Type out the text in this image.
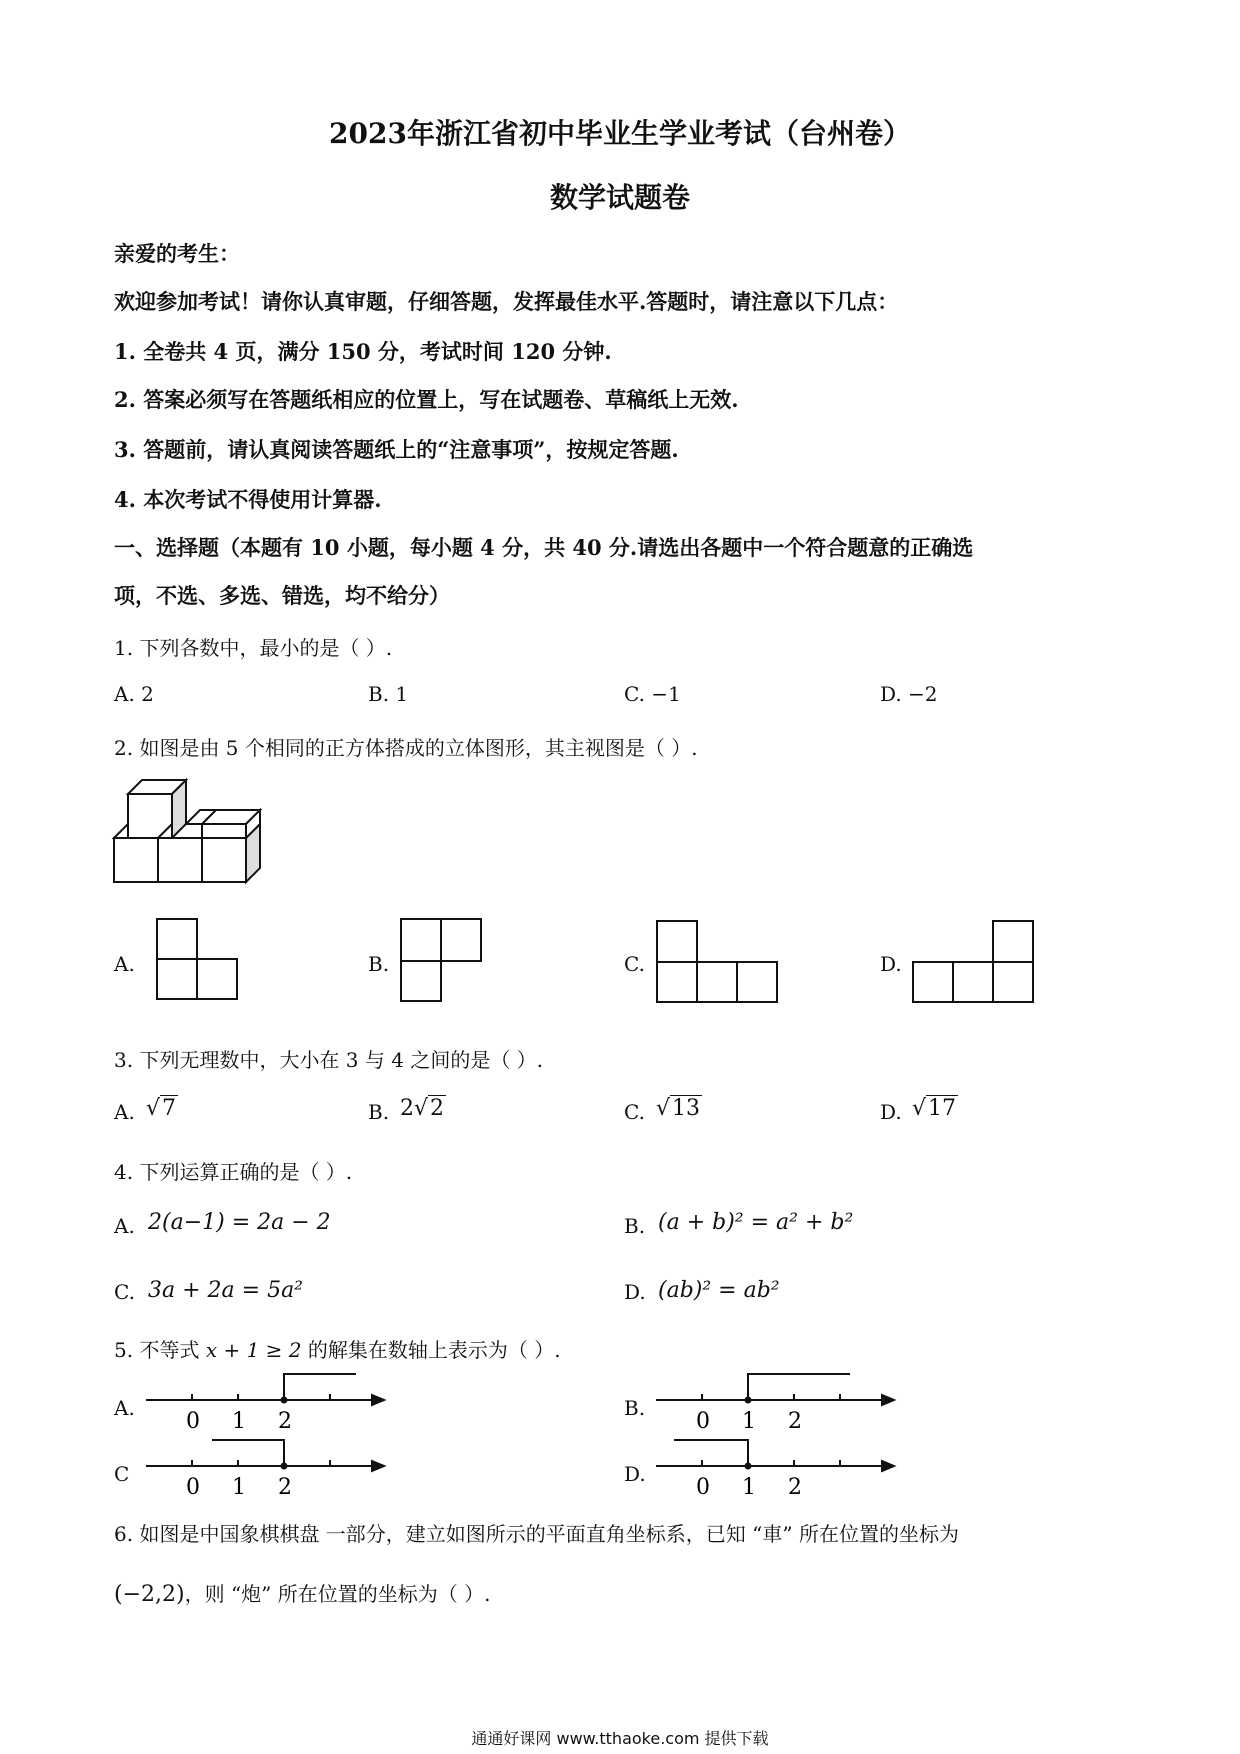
2023年浙江省初中毕业生学业考试（台州卷）
数学试题卷
亲爱的考生：
欢迎参加考试！请你认真审题，仔细答题，发挥最佳水平.答题时，请注意以下几点：
1. 全卷共 4 页，满分 150 分，考试时间 120 分钟.
2. 答案必须写在答题纸相应的位置上，写在试题卷、草稿纸上无效.
3. 答题前，请认真阅读答题纸上的“注意事项”，按规定答题.
4. 本次考试不得使用计算器.
一、选择题（本题有 10 小题，每小题 4 分，共 40 分.请选出各题中一个符合题意的正确选
项，不选、多选、错选，均不给分）
1. 下列各数中，最小的是（ ）.
A. 2	B. 1	C. −1	D. −2
2. 如图是由 5 个相同的正方体搭成的立体图形，其主视图是（ ）.
A.	B.	C.	D.
3. 下列无理数中，大小在 3 与 4 之间的是（ ）.
A. √7	B. 2√2	C. √13	D. √17
4. 下列运算正确的是（ ）.
A. 2(a−1) = 2a − 2	B. (a + b)² = a² + b²
C. 3a + 2a = 5a²	D. (ab)² = ab²
5. 不等式 x + 1 ≥ 2 的解集在数轴上表示为（ ）.
A.
0 1 2
B.
0 1 2
C
0 1 2
D.
0 1 2
6. 如图是中国象棋棋盘 一部分，建立如图所示的平面直角坐标系，已知 “車” 所在位置的坐标为
(−2,2)，则 “炮” 所在位置的坐标为（ ）.
通通好课网 www.tthaoke.com 提供下载
